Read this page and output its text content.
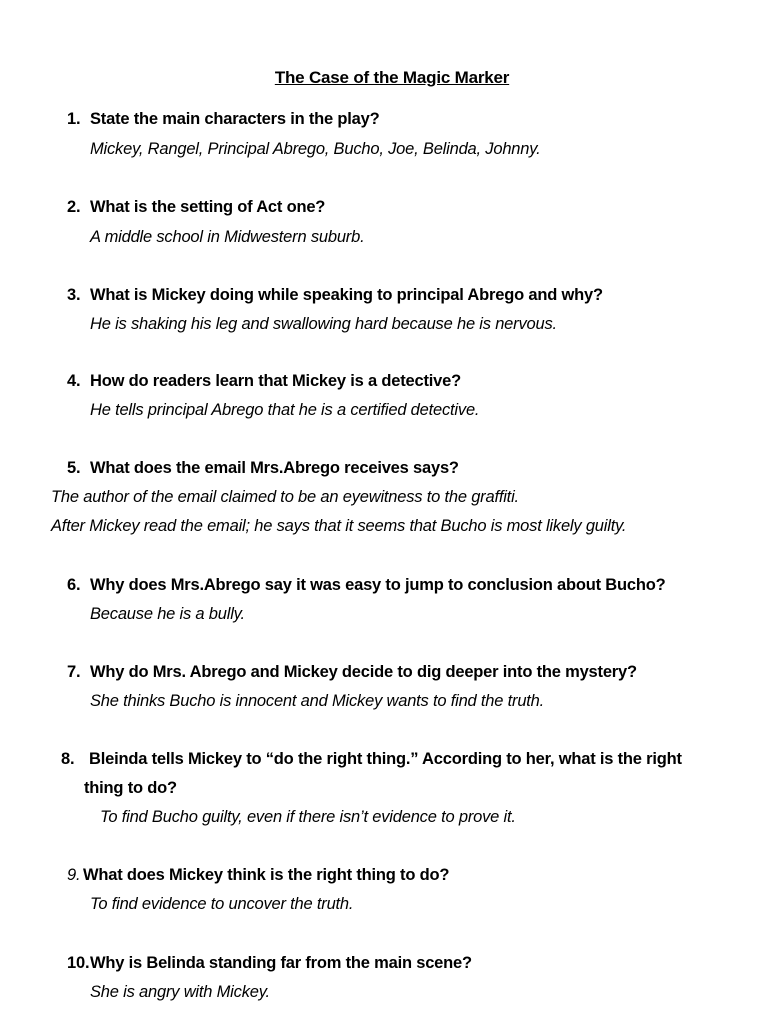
The Case of the Magic Marker
1. State the main characters in the play?
Mickey, Rangel, Principal Abrego, Bucho, Joe, Belinda, Johnny.
2. What is the setting of Act one?
A middle school in Midwestern suburb.
3. What is Mickey doing while speaking to principal Abrego and why?
He is shaking his leg and swallowing hard because he is nervous.
4. How do readers learn that Mickey is a detective?
He tells principal Abrego that he is a certified detective.
5. What does the email Mrs.Abrego receives says?
The author of the email claimed to be an eyewitness to the graffiti.
After Mickey read the email; he says that it seems that Bucho is most likely guilty.
6. Why does Mrs.Abrego say it was easy to jump to conclusion about Bucho?
Because he is a bully.
7. Why do Mrs. Abrego and Mickey decide to dig deeper into the mystery?
She thinks Bucho is innocent and Mickey wants to find the truth.
8. Bleinda tells Mickey to “do the right thing.” According to her, what is the right
thing to do?
To find Bucho guilty, even if there isn’t evidence to prove it.
9. What does Mickey think is the right thing to do?
To find evidence to uncover the truth.
10.Why is Belinda standing far from the main scene?
She is angry with Mickey.
